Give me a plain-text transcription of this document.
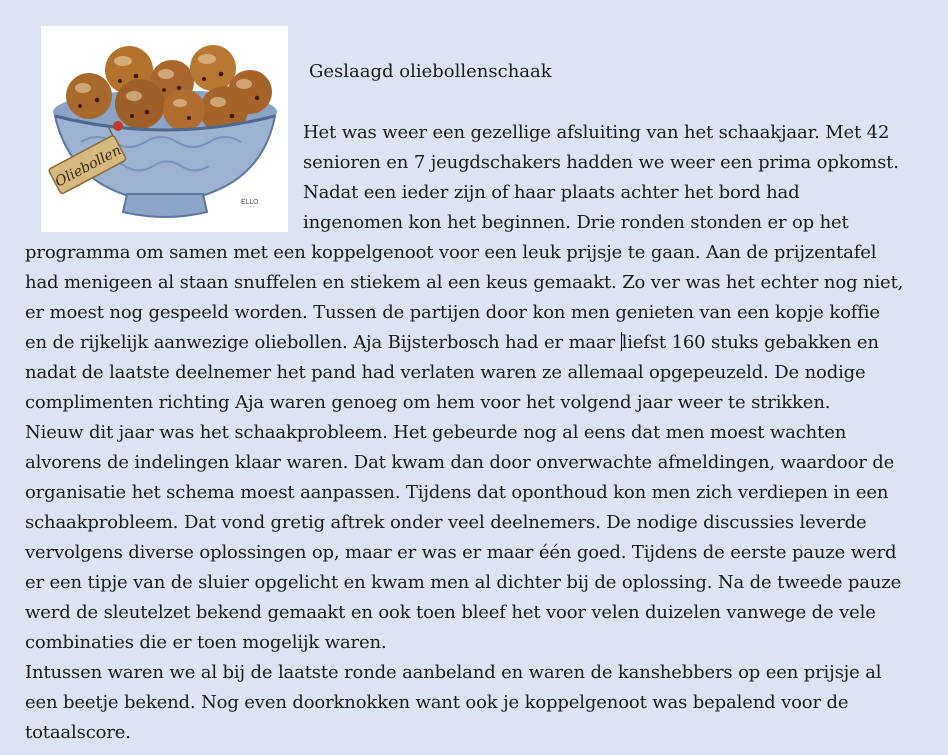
Oliebollen
ELLO
Geslaagd oliebollenschaak
Het was weer een gezellige afsluiting van het schaakjaar. Met 42
senioren en 7 jeugdschakers hadden we weer een prima opkomst.
Nadat een ieder zijn of haar plaats achter het bord had
ingenomen kon het beginnen. Drie ronden stonden er op het
programma om samen met een koppelgenoot voor een leuk prijsje te gaan. Aan de prijzentafel
had menigeen al staan snuffelen en stiekem al een keus gemaakt. Zo ver was het echter nog niet,
er moest nog gespeeld worden. Tussen de partijen door kon men genieten van een kopje koffie
en de rijkelijk aanwezige oliebollen. Aja Bijsterbosch had er maar liefst 160 stuks gebakken en
nadat de laatste deelnemer het pand had verlaten waren ze allemaal opgepeuzeld. De nodige
complimenten richting Aja waren genoeg om hem voor het volgend jaar weer te strikken.
Nieuw dit jaar was het schaakprobleem. Het gebeurde nog al eens dat men moest wachten
alvorens de indelingen klaar waren. Dat kwam dan door onverwachte afmeldingen, waardoor de
organisatie het schema moest aanpassen. Tijdens dat oponthoud kon men zich verdiepen in een
schaakprobleem. Dat vond gretig aftrek onder veel deelnemers. De nodige discussies leverde
vervolgens diverse oplossingen op, maar er was er maar één goed. Tijdens de eerste pauze werd
er een tipje van de sluier opgelicht en kwam men al dichter bij de oplossing. Na de tweede pauze
werd de sleutelzet bekend gemaakt en ook toen bleef het voor velen duizelen vanwege de vele
combinaties die er toen mogelijk waren.
Intussen waren we al bij de laatste ronde aanbeland en waren de kanshebbers op een prijsje al
een beetje bekend. Nog even doorknokken want ook je koppelgenoot was bepalend voor de
totaalscore.
